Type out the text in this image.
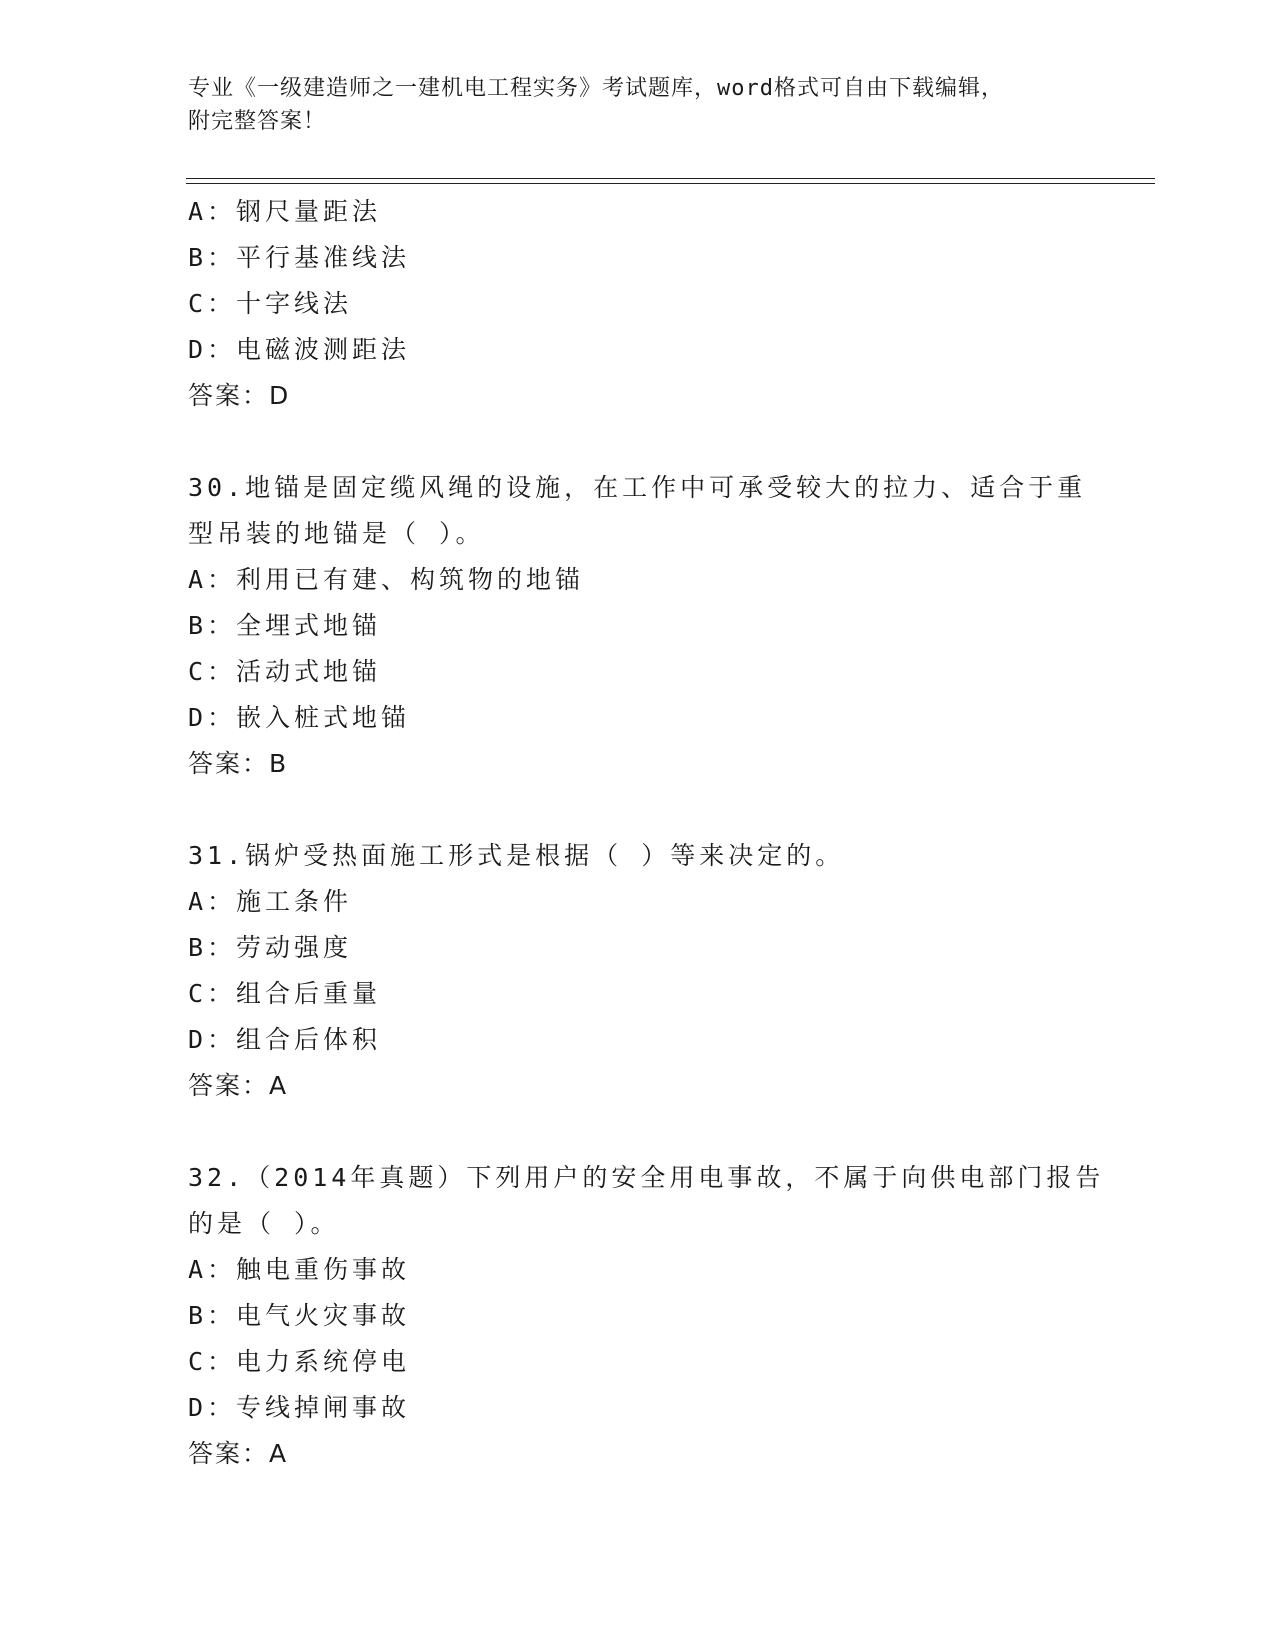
专业《一级建造师之一建机电工程实务》考试题库，word格式可自由下载编辑，
附完整答案！
A：钢尺量距法
B：平行基准线法
C：十字线法
D：电磁波测距法
答案：D
30.地锚是固定缆风绳的设施，在工作中可承受较大的拉力、适合于重
型吊装的地锚是（ ）。
A：利用已有建、构筑物的地锚
B：全埋式地锚
C：活动式地锚
D：嵌入桩式地锚
答案：B
31.锅炉受热面施工形式是根据（ ）等来决定的。
A：施工条件
B：劳动强度
C：组合后重量
D：组合后体积
答案：A
32.（2014年真题）下列用户的安全用电事故，不属于向供电部门报告
的是（ ）。
A：触电重伤事故
B：电气火灾事故
C：电力系统停电
D：专线掉闸事故
答案：A
